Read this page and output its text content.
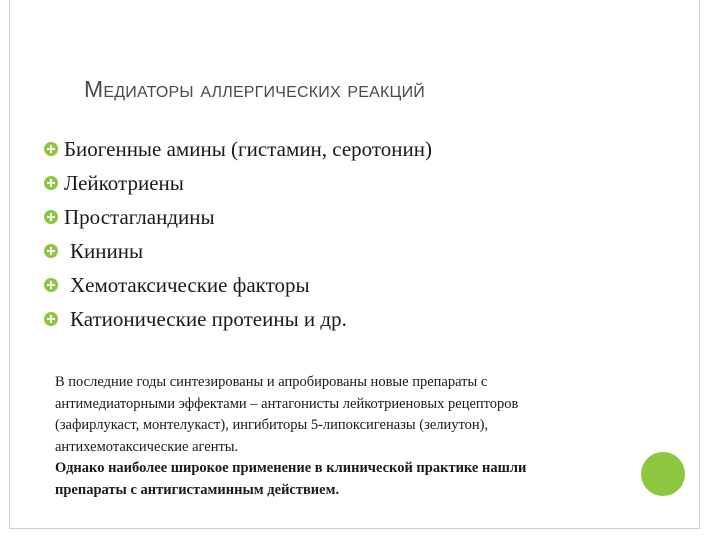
Медиаторы аллергических реакций
Биогенные амины (гистамин, серотонин)
Лейкотриены
Простагландины
Кинины
Хемотаксические факторы
Катионические протеины и др.
В последние годы синтезированы и апробированы новые препараты с
антимедиаторными эффектами – антагонисты лейкотриеновых рецепторов
(зафирлукаст, монтелукаст), ингибиторы 5-липоксигеназы (зелиутон),
антихемотаксические агенты.
Однако наиболее широкое применение в клинической практике нашли
препараты с антигистаминным действием.
